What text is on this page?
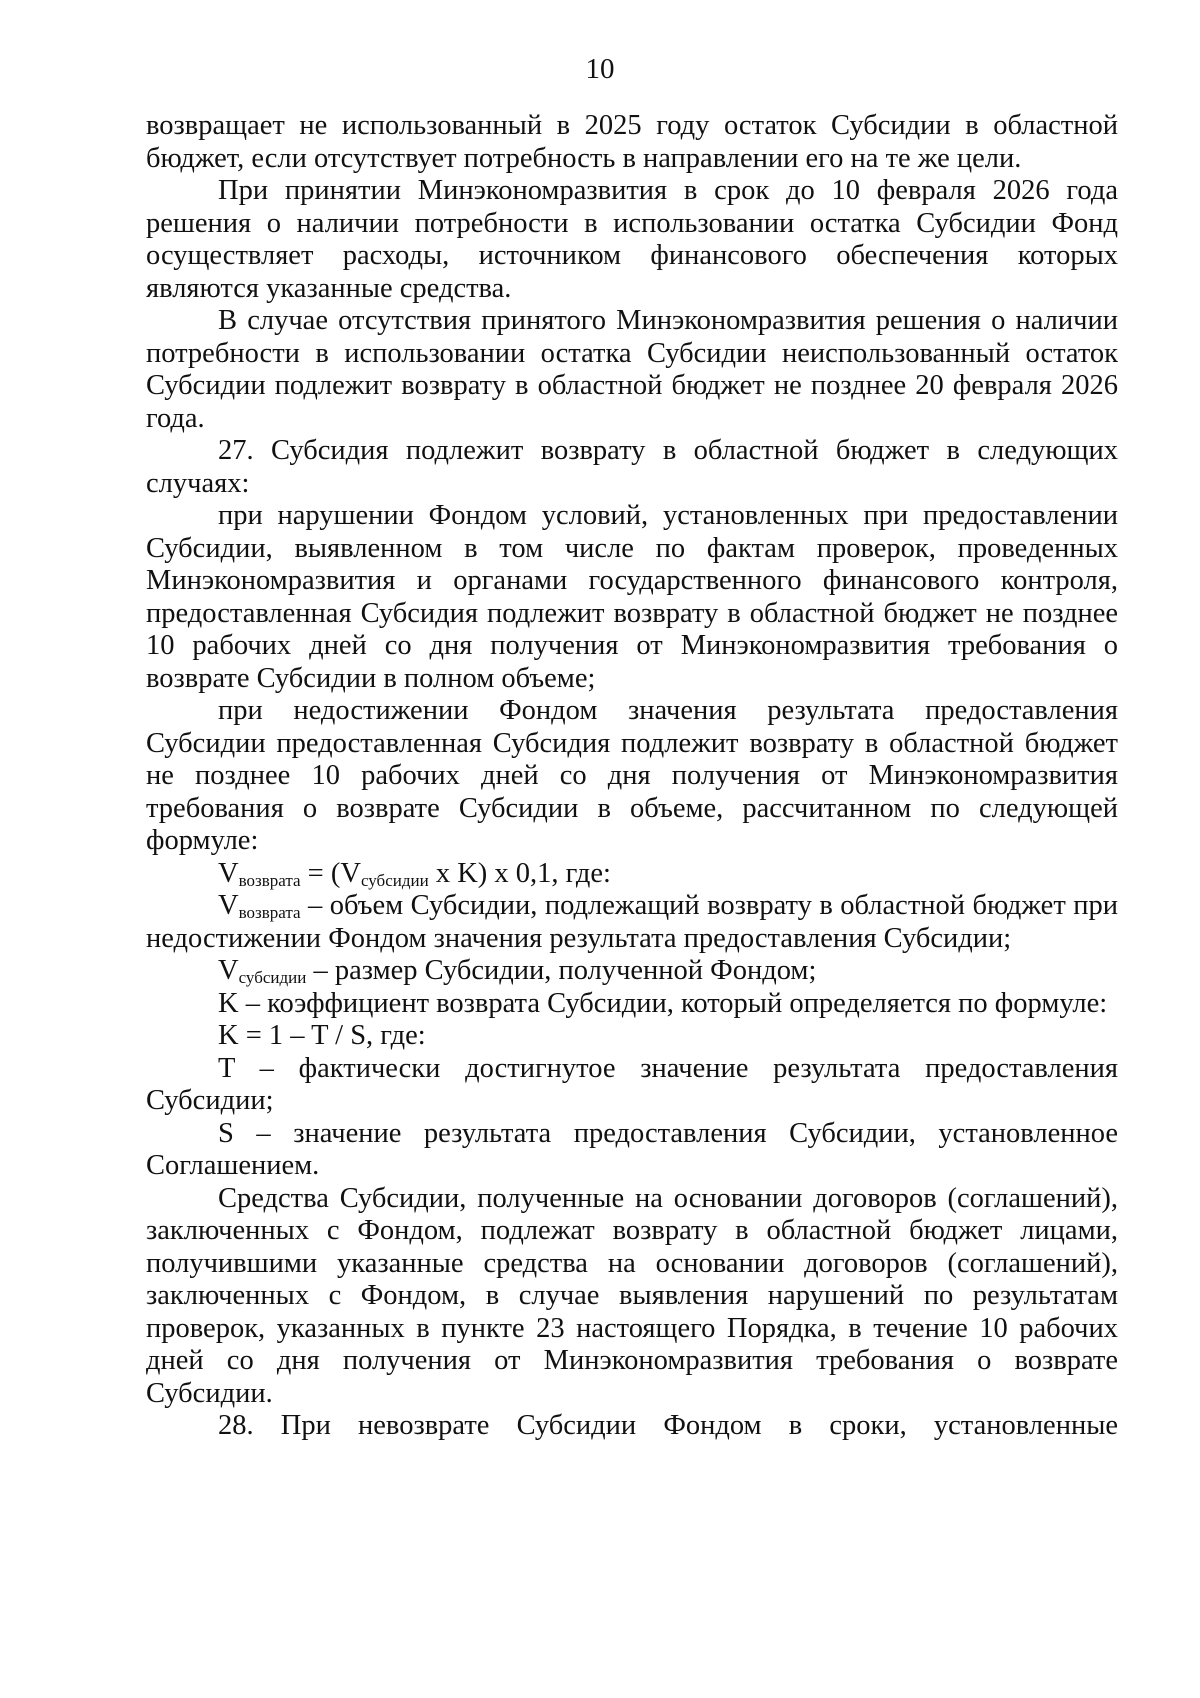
10

возвращает не использованный в 2025 году остаток Субсидии в областной бюджет, если отсутствует потребность в направлении его на те же цели.

При принятии Минэкономразвития в срок до 10 февраля 2026 года решения о наличии потребности в использовании остатка Субсидии Фонд осуществляет расходы, источником финансового обеспечения которых являются указанные средства.

В случае отсутствия принятого Минэкономразвития решения о наличии потребности в использовании остатка Субсидии неиспользованный остаток Субсидии подлежит возврату в областной бюджет не позднее 20 февраля 2026 года.

27. Субсидия подлежит возврату в областной бюджет в следующих случаях:

при нарушении Фондом условий, установленных при предоставлении Субсидии, выявленном в том числе по фактам проверок, проведенных Минэкономразвития и органами государственного финансового контроля, предоставленная Субсидия подлежит возврату в областной бюджет не позднее 10 рабочих дней со дня получения от Минэкономразвития требования о возврате Субсидии в полном объеме;

при недостижении Фондом значения результата предоставления Субсидии предоставленная Субсидия подлежит возврату в областной бюджет не позднее 10 рабочих дней со дня получения от Минэкономразвития требования о возврате Субсидии в объеме, рассчитанном по следующей формуле:

$V_{возврата} = (V_{субсидии}$ x K) x 0,1, где:

$V_{возврата}$ – объем Субсидии, подлежащий возврату в областной бюджет при недостижении Фондом значения результата предоставления Субсидии;

$V_{субсидии}$ – размер Субсидии, полученной Фондом;

K – коэффициент возврата Субсидии, который определяется по формуле:

K = 1 – T / S, где:

T – фактически достигнутое значение результата предоставления Субсидии;

S – значение результата предоставления Субсидии, установленное Соглашением.

Средства Субсидии, полученные на основании договоров (соглашений), заключенных с Фондом, подлежат возврату в областной бюджет лицами, получившими указанные средства на основании договоров (соглашений), заключенных с Фондом, в случае выявления нарушений по результатам проверок, указанных в пункте 23 настоящего Порядка, в течение 10 рабочих дней со дня получения от Минэкономразвития требования о возврате Субсидии.

28. При невозврате Субсидии Фондом в сроки, установленные
